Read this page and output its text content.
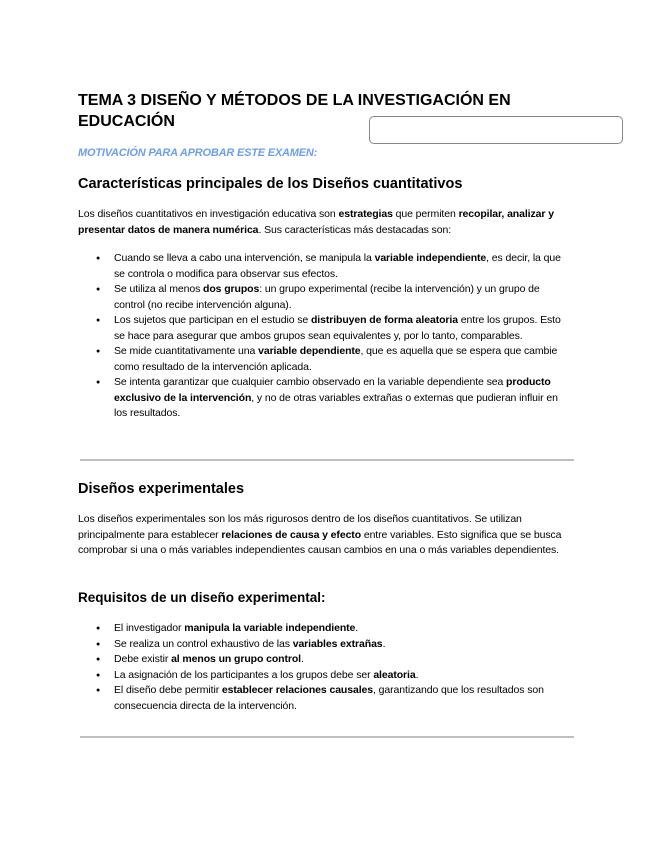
TEMA 3 DISEÑO Y MÉTODOS DE LA INVESTIGACIÓN EN EDUCACIÓN

MOTIVACIÓN PARA APROBAR ESTE EXAMEN:

Características principales de los Diseños cuantitativos

Los diseños cuantitativos en investigación educativa son estrategias que permiten recopilar, analizar y presentar datos de manera numérica. Sus características más destacadas son:

● Cuando se lleva a cabo una intervención, se manipula la variable independiente, es decir, la que se controla o modifica para observar sus efectos.
● Se utiliza al menos dos grupos: un grupo experimental (recibe la intervención) y un grupo de control (no recibe intervención alguna).
● Los sujetos que participan en el estudio se distribuyen de forma aleatoria entre los grupos. Esto se hace para asegurar que ambos grupos sean equivalentes y, por lo tanto, comparables.
● Se mide cuantitativamente una variable dependiente, que es aquella que se espera que cambie como resultado de la intervención aplicada.
● Se intenta garantizar que cualquier cambio observado en la variable dependiente sea producto exclusivo de la intervención, y no de otras variables extrañas o externas que pudieran influir en los resultados.
Diseños experimentales

Los diseños experimentales son los más rigurosos dentro de los diseños cuantitativos. Se utilizan principalmente para establecer relaciones de causa y efecto entre variables. Esto significa que se busca comprobar si una o más variables independientes causan cambios en una o más variables dependientes.

Requisitos de un diseño experimental:
● El investigador manipula la variable independiente.
● Se realiza un control exhaustivo de las variables extrañas.
● Debe existir al menos un grupo control.
● La asignación de los participantes a los grupos debe ser aleatoria.
● El diseño debe permitir establecer relaciones causales, garantizando que los resultados son consecuencia directa de la intervención.
